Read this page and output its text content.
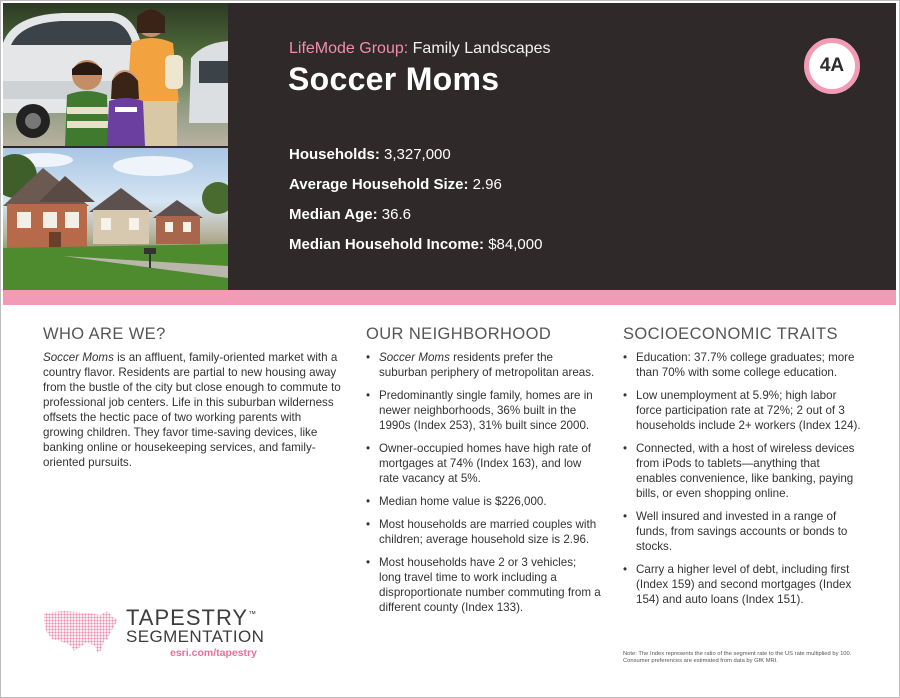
LifeMode Group: Family Landscapes
Soccer Moms	4A
Households: 3,327,000
Average Household Size: 2.96
Median Age: 36.6
Median Household Income: $84,000
WHO ARE WE?
Soccer Moms is an affluent, family-oriented market with a country flavor. Residents are partial to new housing away from the bustle of the city but close enough to commute to professional job centers. Life in this suburban wilderness offsets the hectic pace of two working parents with growing children. They favor time-saving devices, like banking online or housekeeping services, and family-oriented pursuits.
OUR NEIGHBORHOOD
• Soccer Moms residents prefer the suburban periphery of metropolitan areas.
• Predominantly single family, homes are in newer neighborhoods, 36% built in the 1990s (Index 253), 31% built since 2000.
• Owner-occupied homes have high rate of mortgages at 74% (Index 163), and low rate vacancy at 5%.
• Median home value is $226,000.
• Most households are married couples with children; average household size is 2.96.
• Most households have 2 or 3 vehicles; long travel time to work including a disproportionate number commuting from a different county (Index 133).
SOCIOECONOMIC TRAITS
• Education: 37.7% college graduates; more than 70% with some college education.
• Low unemployment at 5.9%; high labor force participation rate at 72%; 2 out of 3 households include 2+ workers (Index 124).
• Connected, with a host of wireless devices from iPods to tablets—anything that enables convenience, like banking, paying bills, or even shopping online.
• Well insured and invested in a range of funds, from savings accounts or bonds to stocks.
• Carry a higher level of debt, including first (Index 159) and second mortgages (Index 154) and auto loans (Index 151).
TAPESTRY™
SEGMENTATION
esri.com/tapestry	Note: The Index represents the ratio of the segment rate to the US rate multiplied by 100. Consumer preferences are estimated from data by GfK MRI.
